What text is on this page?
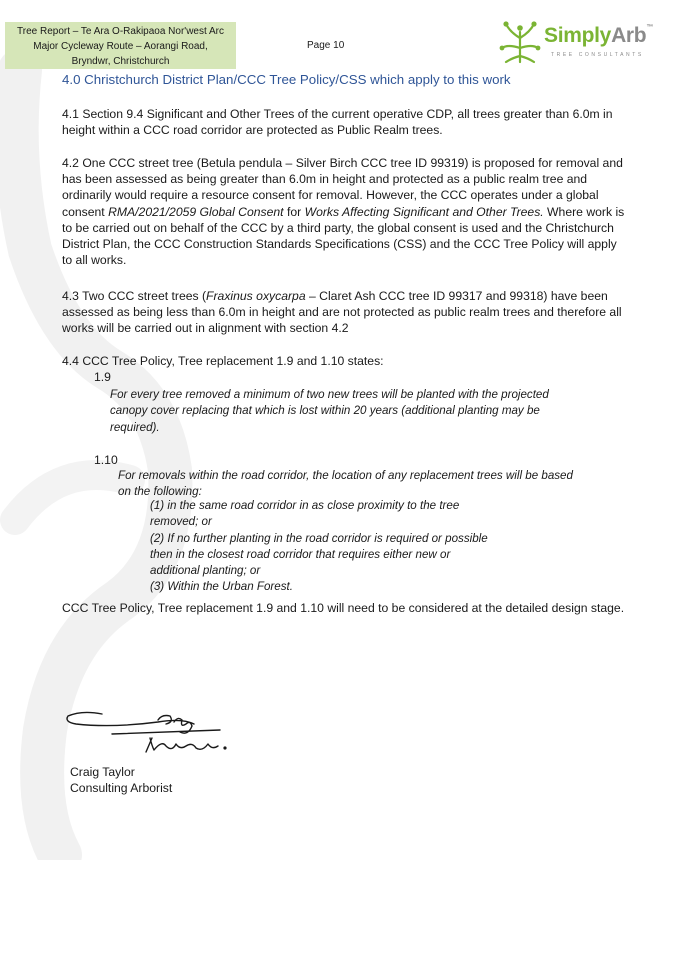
Tree Report – Te Ara O-Rakipaoa Nor'west Arc
Major Cycleway Route – Aorangi Road,
Bryndwr, Christchurch
Page 10	SimplyArb™
TREE CONSULTANTS
4.0 Christchurch District Plan/CCC Tree Policy/CSS which apply to this work

4.1 Section 9.4 Significant and Other Trees of the current operative CDP, all trees greater than 6.0m in height within a CCC road corridor are protected as Public Realm trees.

4.2 One CCC street tree (Betula pendula – Silver Birch CCC tree ID 99319) is proposed for removal and has been assessed as being greater than 6.0m in height and protected as a public realm tree and ordinarily would require a resource consent for removal. However, the CCC operates under a global consent RMA/2021/2059 Global Consent for Works Affecting Significant and Other Trees. Where work is to be carried out on behalf of the CCC by a third party, the global consent is used and the Christchurch District Plan, the CCC Construction Standards Specifications (CSS) and the CCC Tree Policy will apply to all works.

4.3 Two CCC street trees (Fraxinus oxycarpa – Claret Ash CCC tree ID 99317 and 99318) have been assessed as being less than 6.0m in height and are not protected as public realm trees and therefore all works will be carried out in alignment with section 4.2

4.4 CCC Tree Policy, Tree replacement 1.9 and 1.10 states:

1.9

For every tree removed a minimum of two new trees will be planted with the projected canopy cover replacing that which is lost within 20 years (additional planting may be required).

1.10

For removals within the road corridor, the location of any replacement trees will be based on the following:

(1) in the same road corridor in as close proximity to the tree
removed; or
(2) If no further planting in the road corridor is required or possible
then in the closest road corridor that requires either new or
additional planting; or
(3) Within the Urban Forest.

CCC Tree Policy, Tree replacement 1.9 and 1.10 will need to be considered at the detailed design stage.

Craig Taylor
Consulting Arborist
